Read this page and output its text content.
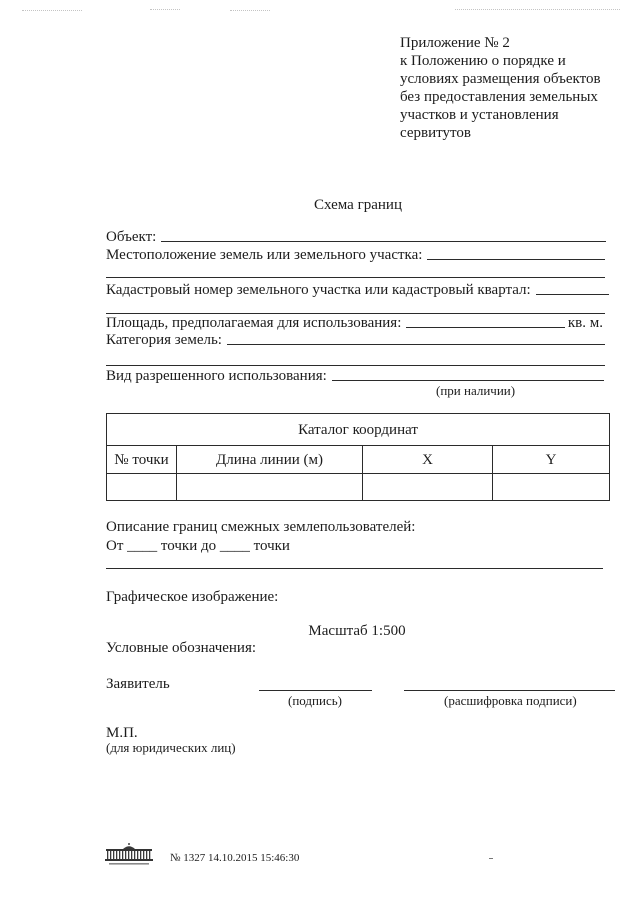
Приложение № 2
к Положению о порядке и
условиях размещения объектов
без предоставления земельных
участков и установления
сервитутов
Схема границ
Объект:
Местоположение земель или земельного участка:
Кадастровый номер земельного участка или кадастровый квартал:
Площадь, предполагаемая для использования:	кв. м.
Категория земель:
Вид разрешенного использования:
(при наличии)
Каталог координат			
№ точки	Длина линии (м)	X	Y

Описание границ смежных землепользователей:
От ____ точки до ____ точки
Графическое изображение:
Масштаб 1:500
Условные обозначения:
Заявитель
(подпись)	(расшифровка подписи)
М.П.
(для юридических лиц)
№ 1327 14.10.2015 15:46:30
